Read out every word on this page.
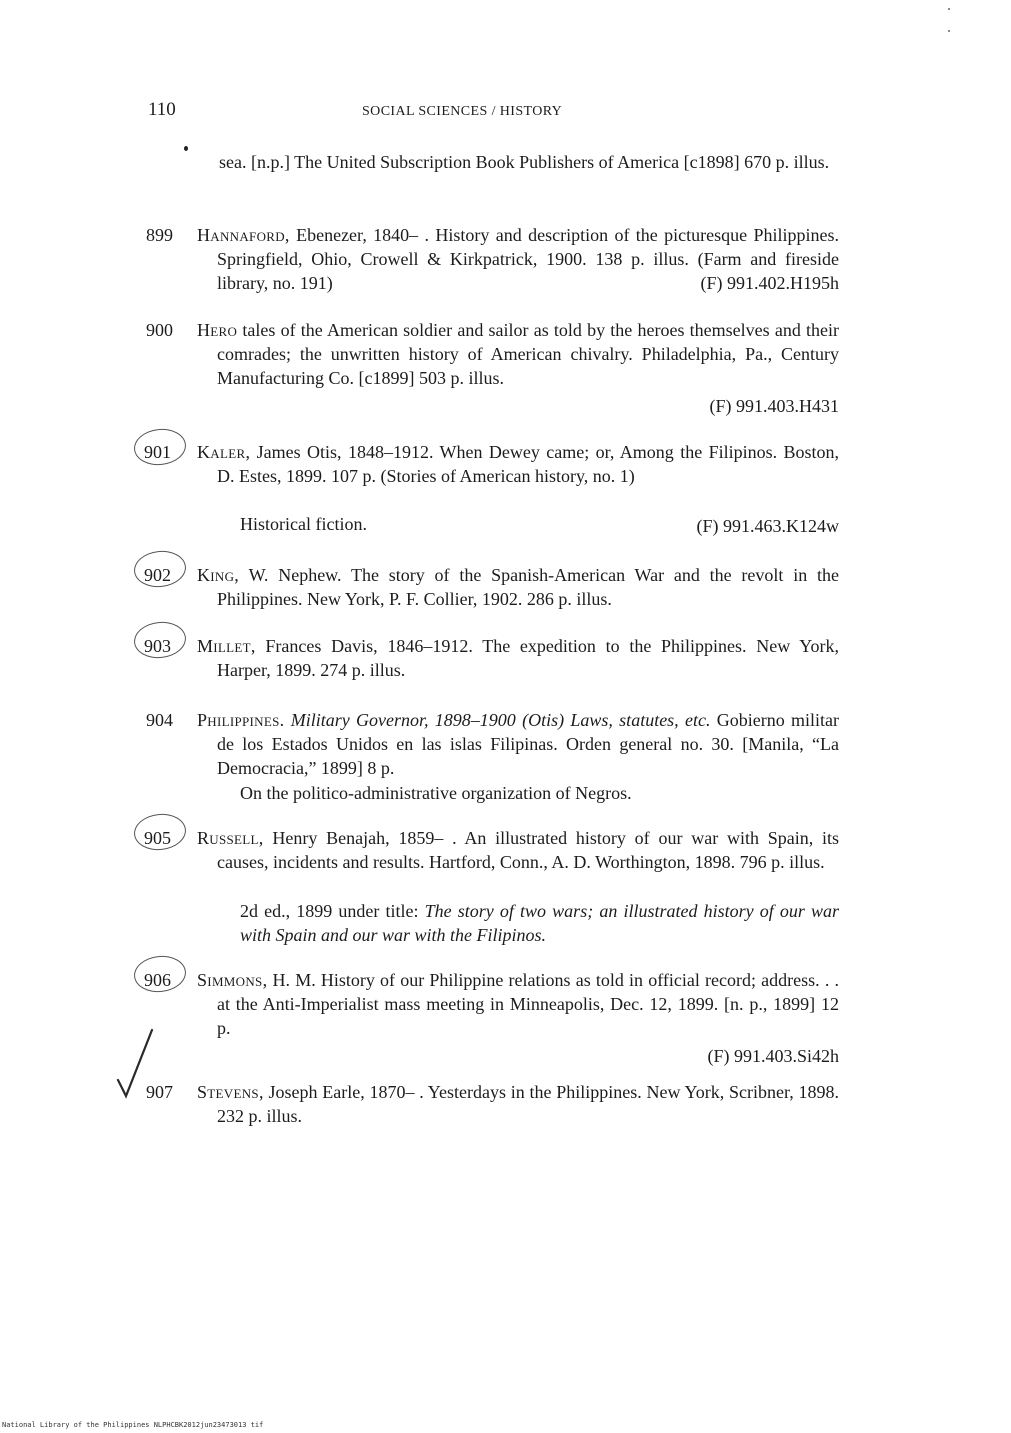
110	SOCIAL SCIENCES / HISTORY
sea. [n.p.] The United Subscription Book Publishers of America [c1898] 670 p. illus.
899 Hannaford, Ebenezer, 1840– . History and description of the picturesque Philippines. Springfield, Ohio, Crowell & Kirkpatrick, 1900. 138 p. illus. (Farm and fireside library, no. 191)	(F) 991.402.H195h
900 Hero tales of the American soldier and sailor as told by the heroes themselves and their comrades; the unwritten history of American chivalry. Philadelphia, Pa., Century Manufacturing Co. [c1899] 503 p. illus.
(F) 991.403.H431
901 Kaler, James Otis, 1848–1912. When Dewey came; or, Among the Filipinos. Boston, D. Estes, 1899. 107 p. (Stories of American history, no. 1)
Historical fiction.	(F) 991.463.K124w
902 King, W. Nephew. The story of the Spanish-American War and the revolt in the Philippines. New York, P. F. Collier, 1902. 286 p. illus.
903 Millet, Frances Davis, 1846–1912. The expedition to the Philippines. New York, Harper, 1899. 274 p. illus.
904 Philippines. Military Governor, 1898–1900 (Otis) Laws, statutes, etc. Gobierno militar de los Estados Unidos en las islas Filipinas. Orden general no. 30. [Manila, “La Democracia,” 1899] 8 p.
On the politico-administrative organization of Negros.
905 Russell, Henry Benajah, 1859– . An illustrated history of our war with Spain, its causes, incidents and results. Hartford, Conn., A. D. Worthington, 1898. 796 p. illus.
2d ed., 1899 under title: The story of two wars; an illustrated history of our war with Spain and our war with the Filipinos.
906 Simmons, H. M. History of our Philippine relations as told in official record; address. . . at the Anti-Imperialist mass meeting in Minneapolis, Dec. 12, 1899. [n. p., 1899] 12 p.
(F) 991.403.Si42h
907 Stevens, Joseph Earle, 1870– . Yesterdays in the Philippines. New York, Scribner, 1898. 232 p. illus.
National Library of the Philippines NLPHCBK2012jun23473013 tif
